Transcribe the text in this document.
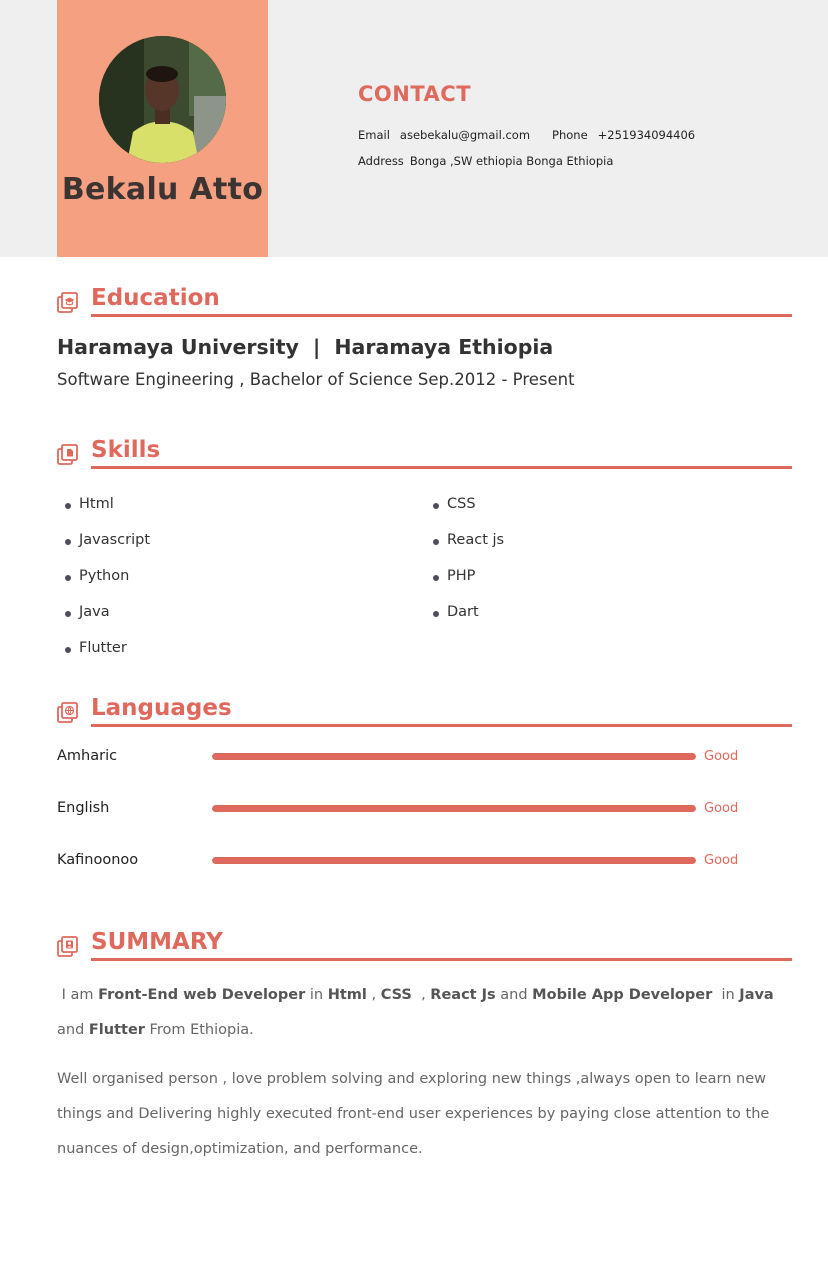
Bekalu Atto
CONTACT
Email asebekalu@gmail.com Phone +251934094406
Address Bonga ,SW ethiopia Bonga Ethiopia
Education
Haramaya University | Haramaya Ethiopia
Software Engineering , Bachelor of Science Sep.2012 - Present
Skills
Html
Javascript
Python
Java
Flutter
CSS
React js
PHP
Dart
Languages
Amharic	Good
English	Good
Kafinoonoo	Good
SUMMARY
I am Front-End web Developer in Html , CSS , React Js and Mobile App Developer in Java and Flutter From Ethiopia.
Well organised person , love problem solving and exploring new things ,always open to learn new things and Delivering highly executed front-end user experiences by paying close attention to the nuances of design,optimization, and performance.
